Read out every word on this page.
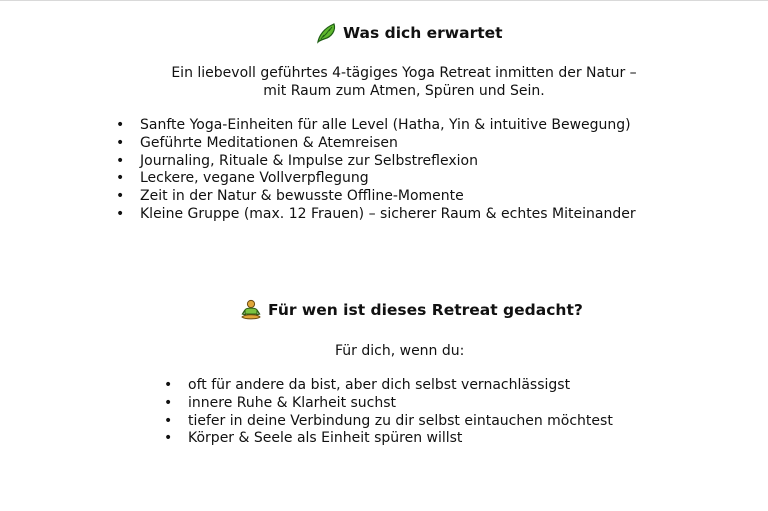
Was dich erwartet
Ein liebevoll geführtes 4-tägiges Yoga Retreat inmitten der Natur –
mit Raum zum Atmen, Spüren und Sein.
• Sanfte Yoga-Einheiten für alle Level (Hatha, Yin & intuitive Bewegung)
• Geführte Meditationen & Atemreisen
• Journaling, Rituale & Impulse zur Selbstreflexion
• Leckere, vegane Vollverpflegung
• Zeit in der Natur & bewusste Offline-Momente
• Kleine Gruppe (max. 12 Frauen) – sicherer Raum & echtes Miteinander
Für wen ist dieses Retreat gedacht?
Für dich, wenn du:
• oft für andere da bist, aber dich selbst vernachlässigst
• innere Ruhe & Klarheit suchst
• tiefer in deine Verbindung zu dir selbst eintauchen möchtest
• Körper & Seele als Einheit spüren willst
